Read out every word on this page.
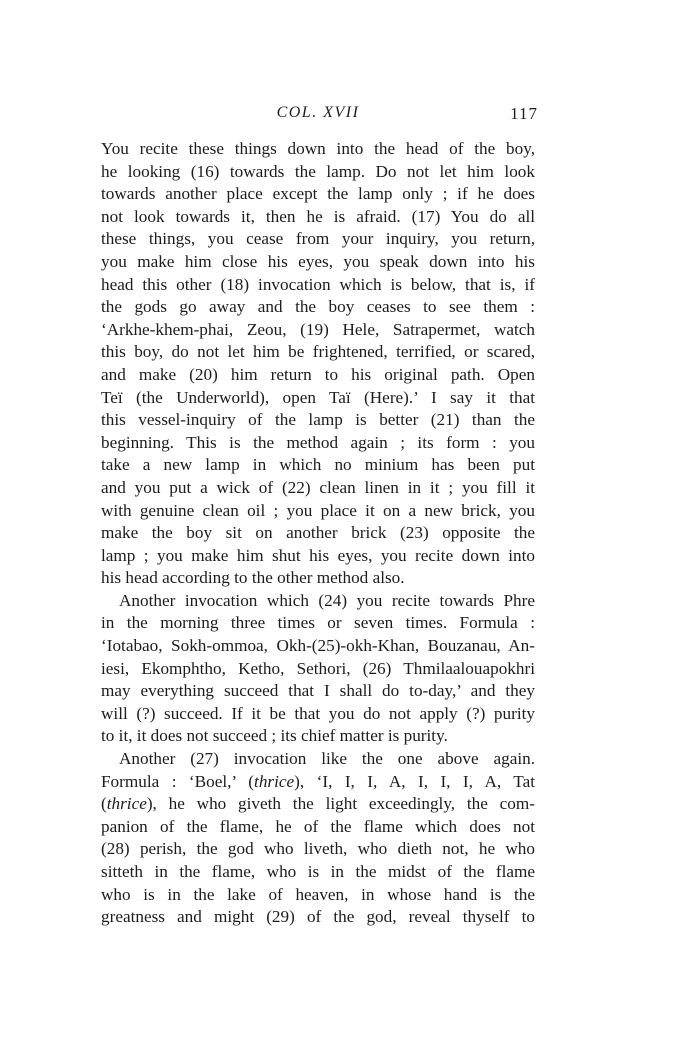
COL. XVII	117
You recite these things down into the head of the boy,
he looking (16) towards the lamp. Do not let him look
towards another place except the lamp only ; if he does
not look towards it, then he is afraid. (17) You do all
these things, you cease from your inquiry, you return,
you make him close his eyes, you speak down into his
head this other (18) invocation which is below, that is, if
the gods go away and the boy ceases to see them :
‘Arkhe-khem-phai, Zeou, (19) Hele, Satrapermet, watch
this boy, do not let him be frightened, terrified, or scared,
and make (20) him return to his original path. Open
Teï (the Underworld), open Taï (Here).’ I say it that
this vessel-inquiry of the lamp is better (21) than the
beginning. This is the method again ; its form : you
take a new lamp in which no minium has been put
and you put a wick of (22) clean linen in it ; you fill it
with genuine clean oil ; you place it on a new brick, you
make the boy sit on another brick (23) opposite the
lamp ; you make him shut his eyes, you recite down into
his head according to the other method also.
Another invocation which (24) you recite towards Phre
in the morning three times or seven times. Formula :
‘Iotabao, Sokh-ommoa, Okh-(25)-okh-Khan, Bouzanau, An-
iesi, Ekomphtho, Ketho, Sethori, (26) Thmilaalouapokhri
may everything succeed that I shall do to-day,’ and they
will (?) succeed. If it be that you do not apply (?) purity
to it, it does not succeed ; its chief matter is purity.
Another (27) invocation like the one above again.
Formula : ‘Boel,’ (thrice), ‘I, I, I, A, I, I, I, A, Tat
(thrice), he who giveth the light exceedingly, the com-
panion of the flame, he of the flame which does not
(28) perish, the god who liveth, who dieth not, he who
sitteth in the flame, who is in the midst of the flame
who is in the lake of heaven, in whose hand is the
greatness and might (29) of the god, reveal thyself to
